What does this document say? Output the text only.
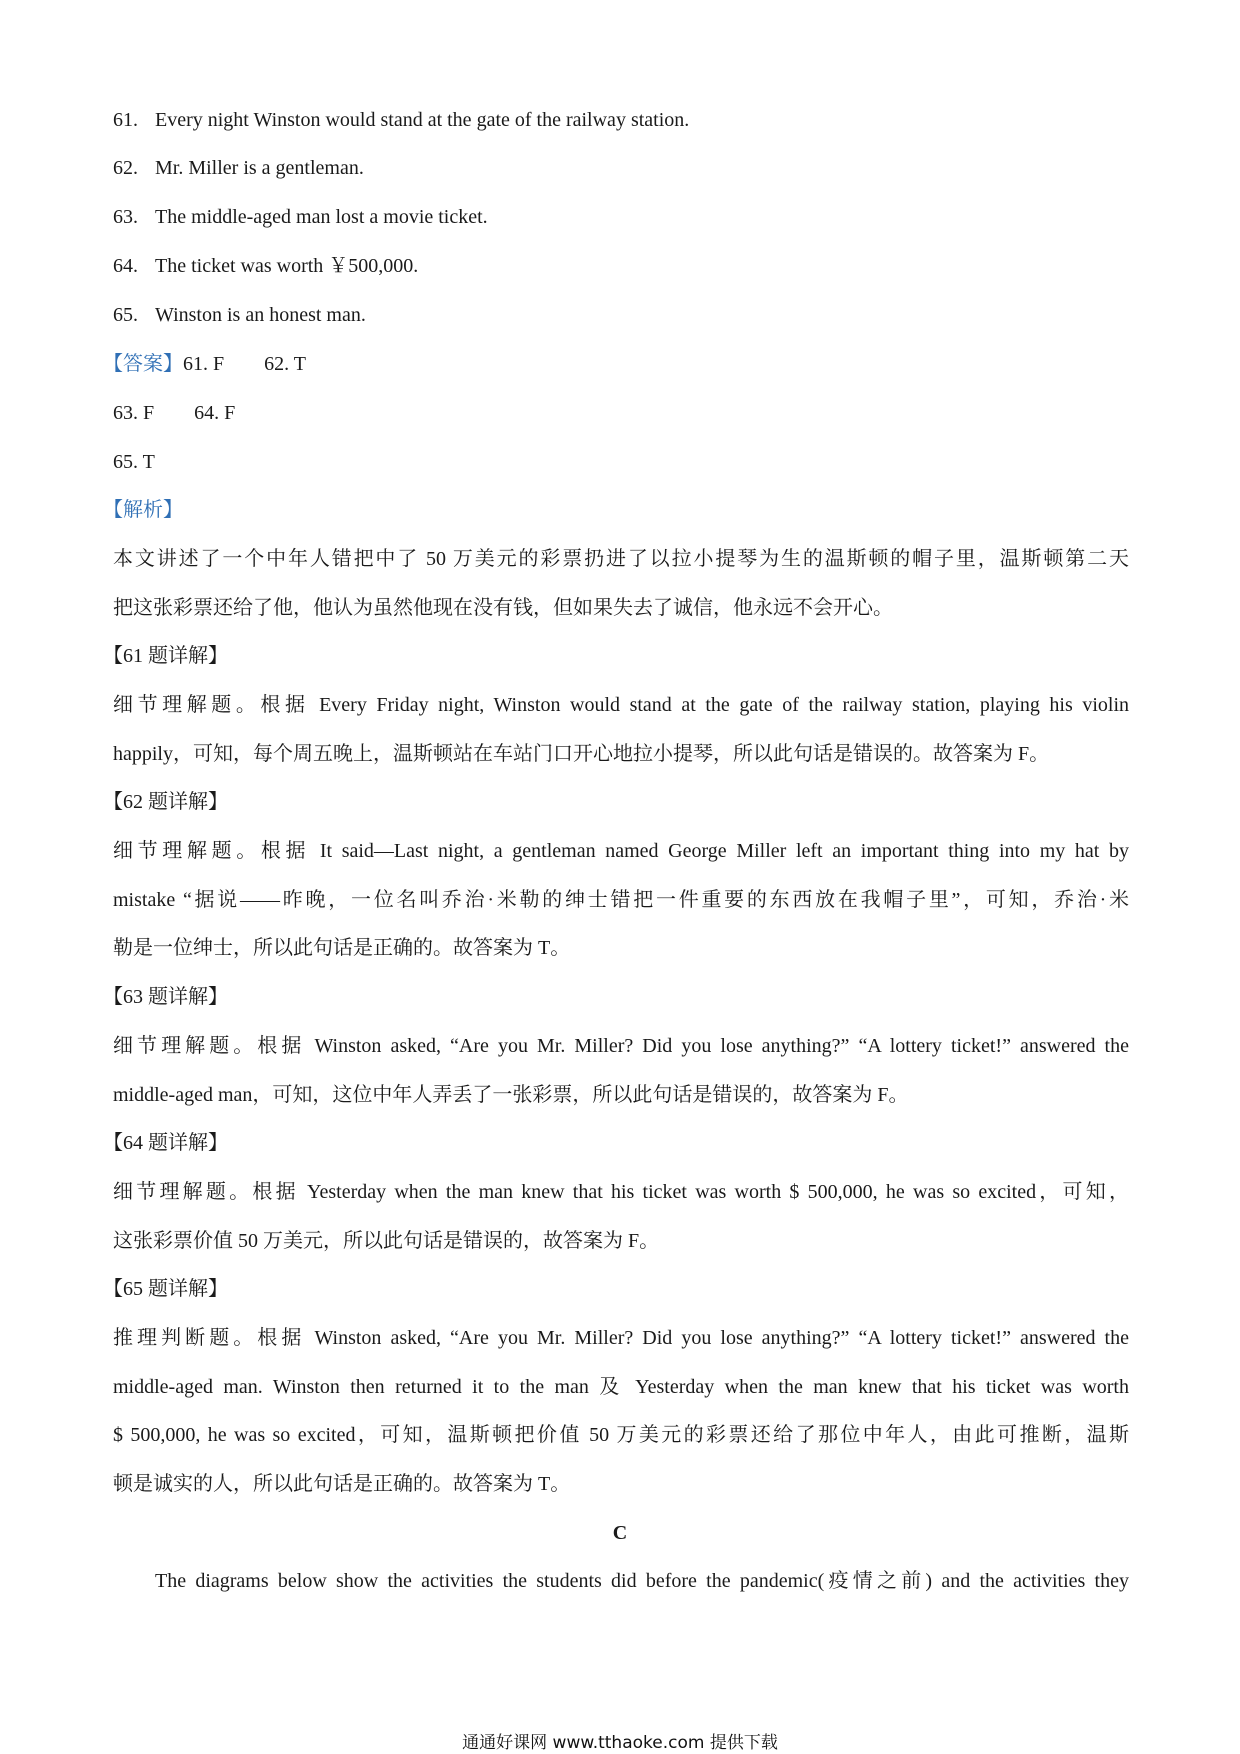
61. Every night Winston would stand at the gate of the railway station.
62. Mr. Miller is a gentleman.
63. The middle-aged man lost a movie ticket.
64. The ticket was worth ￥500,000.
65. Winston is an honest man.
【答案】61. F 62. T
63. F 64. F
65. T
【解析】
本文讲述了一个中年人错把中了 50 万美元的彩票扔进了以拉小提琴为生的温斯顿的帽子里，温斯顿第二天
把这张彩票还给了他，他认为虽然他现在没有钱，但如果失去了诚信，他永远不会开心。
【61 题详解】
细节理解题。根据 Every Friday night, Winston would stand at the gate of the railway station, playing his violin
happily，可知，每个周五晚上，温斯顿站在车站门口开心地拉小提琴，所以此句话是错误的。故答案为 F。
【62 题详解】
细节理解题。根据 It said—Last night, a gentleman named George Miller left an important thing into my hat by
mistake “据说——昨晚，一位名叫乔治·米勒的绅士错把一件重要的东西放在我帽子里”，可知，乔治·米
勒是一位绅士，所以此句话是正确的。故答案为 T。
【63 题详解】
细节理解题。根据 Winston asked, “Are you Mr. Miller? Did you lose anything?” “A lottery ticket!” answered the
middle-aged man，可知，这位中年人弄丢了一张彩票，所以此句话是错误的，故答案为 F。
【64 题详解】
细节理解题。根据 Yesterday when the man knew that his ticket was worth $ 500,000, he was so excited，可知，
这张彩票价值 50 万美元，所以此句话是错误的，故答案为 F。
【65 题详解】
推理判断题。根据 Winston asked, “Are you Mr. Miller? Did you lose anything?” “A lottery ticket!” answered the
middle-aged man. Winston then returned it to the man 及 Yesterday when the man knew that his ticket was worth
$ 500,000, he was so excited，可知，温斯顿把价值 50 万美元的彩票还给了那位中年人，由此可推断，温斯
顿是诚实的人，所以此句话是正确的。故答案为 T。
C
The diagrams below show the activities the students did before the pandemic(疫情之前) and the activities they
通通好课网 www.tthaoke.com 提供下载
